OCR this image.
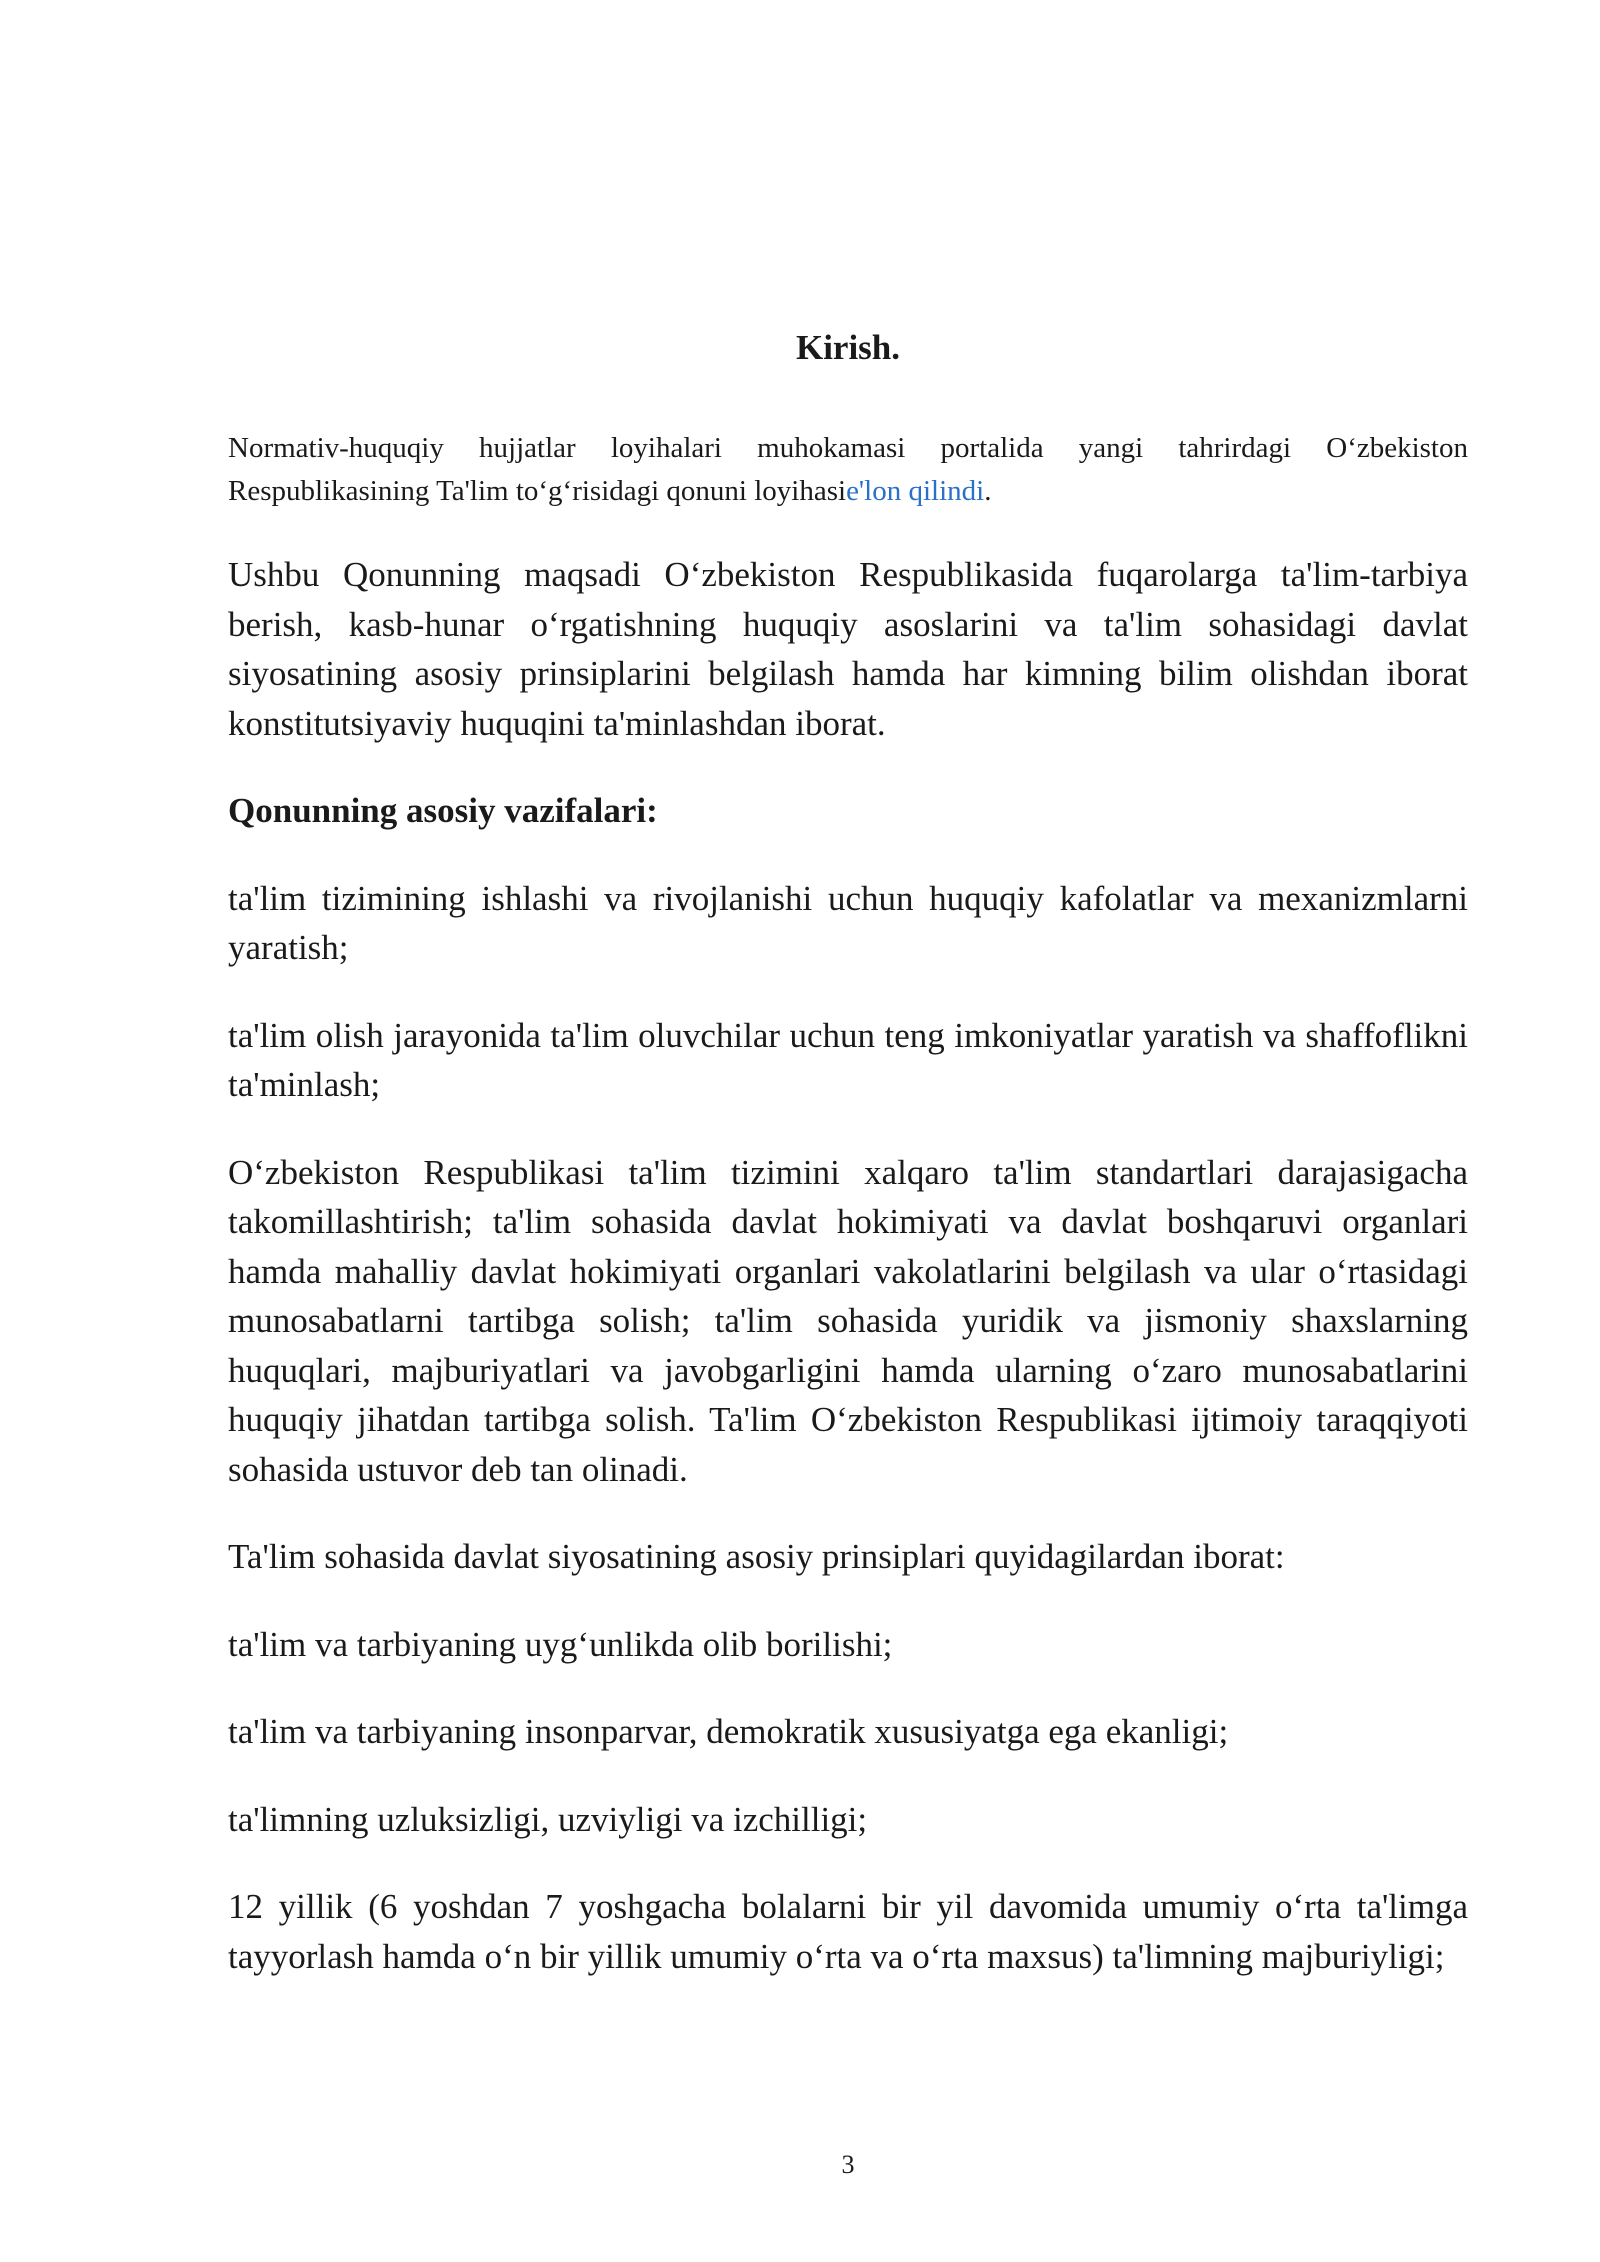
Kirish.
Normativ-huquqiy hujjatlar loyihalari muhokamasi portalida yangi tahrirdagi O‘zbekiston Respublikasining Ta'lim to‘g‘risidagi qonuni loyihasie'lon qilindi.

Ushbu Qonunning maqsadi O‘zbekiston Respublikasida fuqarolarga ta'lim-tarbiya berish, kasb-hunar o‘rgatishning huquqiy asoslarini va ta'lim sohasidagi davlat siyosatining asosiy prinsiplarini belgilash hamda har kimning bilim olishdan iborat konstitutsiyaviy huquqini ta'minlashdan iborat.

Qonunning asosiy vazifalari:

ta'lim tizimining ishlashi va rivojlanishi uchun huquqiy kafolatlar va mexanizmlarni yaratish;

ta'lim olish jarayonida ta'lim oluvchilar uchun teng imkoniyatlar yaratish va shaffoflikni ta'minlash;

O‘zbekiston Respublikasi ta'lim tizimini xalqaro ta'lim standartlari darajasigacha takomillashtirish; ta'lim sohasida davlat hokimiyati va davlat boshqaruvi organlari hamda mahalliy davlat hokimiyati organlari vakolatlarini belgilash va ular o‘rtasidagi munosabatlarni tartibga solish; ta'lim sohasida yuridik va jismoniy shaxslarning huquqlari, majburiyatlari va javobgarligini hamda ularning o‘zaro munosabatlarini huquqiy jihatdan tartibga solish. Ta'lim O‘zbekiston Respublikasi ijtimoiy taraqqiyoti sohasida ustuvor deb tan olinadi.

Ta'lim sohasida davlat siyosatining asosiy prinsiplari quyidagilardan iborat:

ta'lim va tarbiyaning uyg‘unlikda olib borilishi;

ta'lim va tarbiyaning insonparvar, demokratik xususiyatga ega ekanligi;

ta'limning uzluksizligi, uzviyligi va izchilligi;

12 yillik (6 yoshdan 7 yoshgacha bolalarni bir yil davomida umumiy o‘rta ta'limga tayyorlash hamda o‘n bir yillik umumiy o‘rta va o‘rta maxsus) ta'limning majburiyligi;

3
